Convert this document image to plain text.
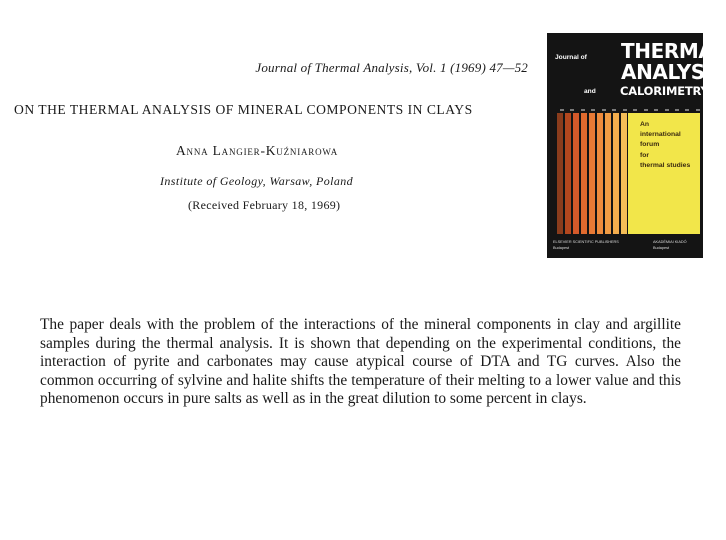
Journal of Thermal Analysis, Vol. 1 (1969) 47—52
ON THE THERMAL ANALYSIS OF MINERAL COMPONENTS IN CLAYS
Anna Langier-Kuźniarowa
Institute of Geology, Warsaw, Poland
(Received February 18, 1969)
Journal of	THERMAL
ANALYSIS
and CALORIMETRY
An
international
forum
for
thermal studies
ELSEVIER SCIENTIFIC PUBLISHERS
Budapest
AKADÉMIAI KIADÓ
Budapest
The paper deals with the problem of the interactions of the mineral components in clay and argillite samples during the thermal analysis. It is shown that depending on the experimental conditions, the interaction of pyrite and carbonates may cause atypical course of DTA and TG curves. Also the common occurring of sylvine and halite shifts the temperature of their melting to a lower value and this phenomenon occurs in pure salts as well as in the great dilution to some percent in clays.
